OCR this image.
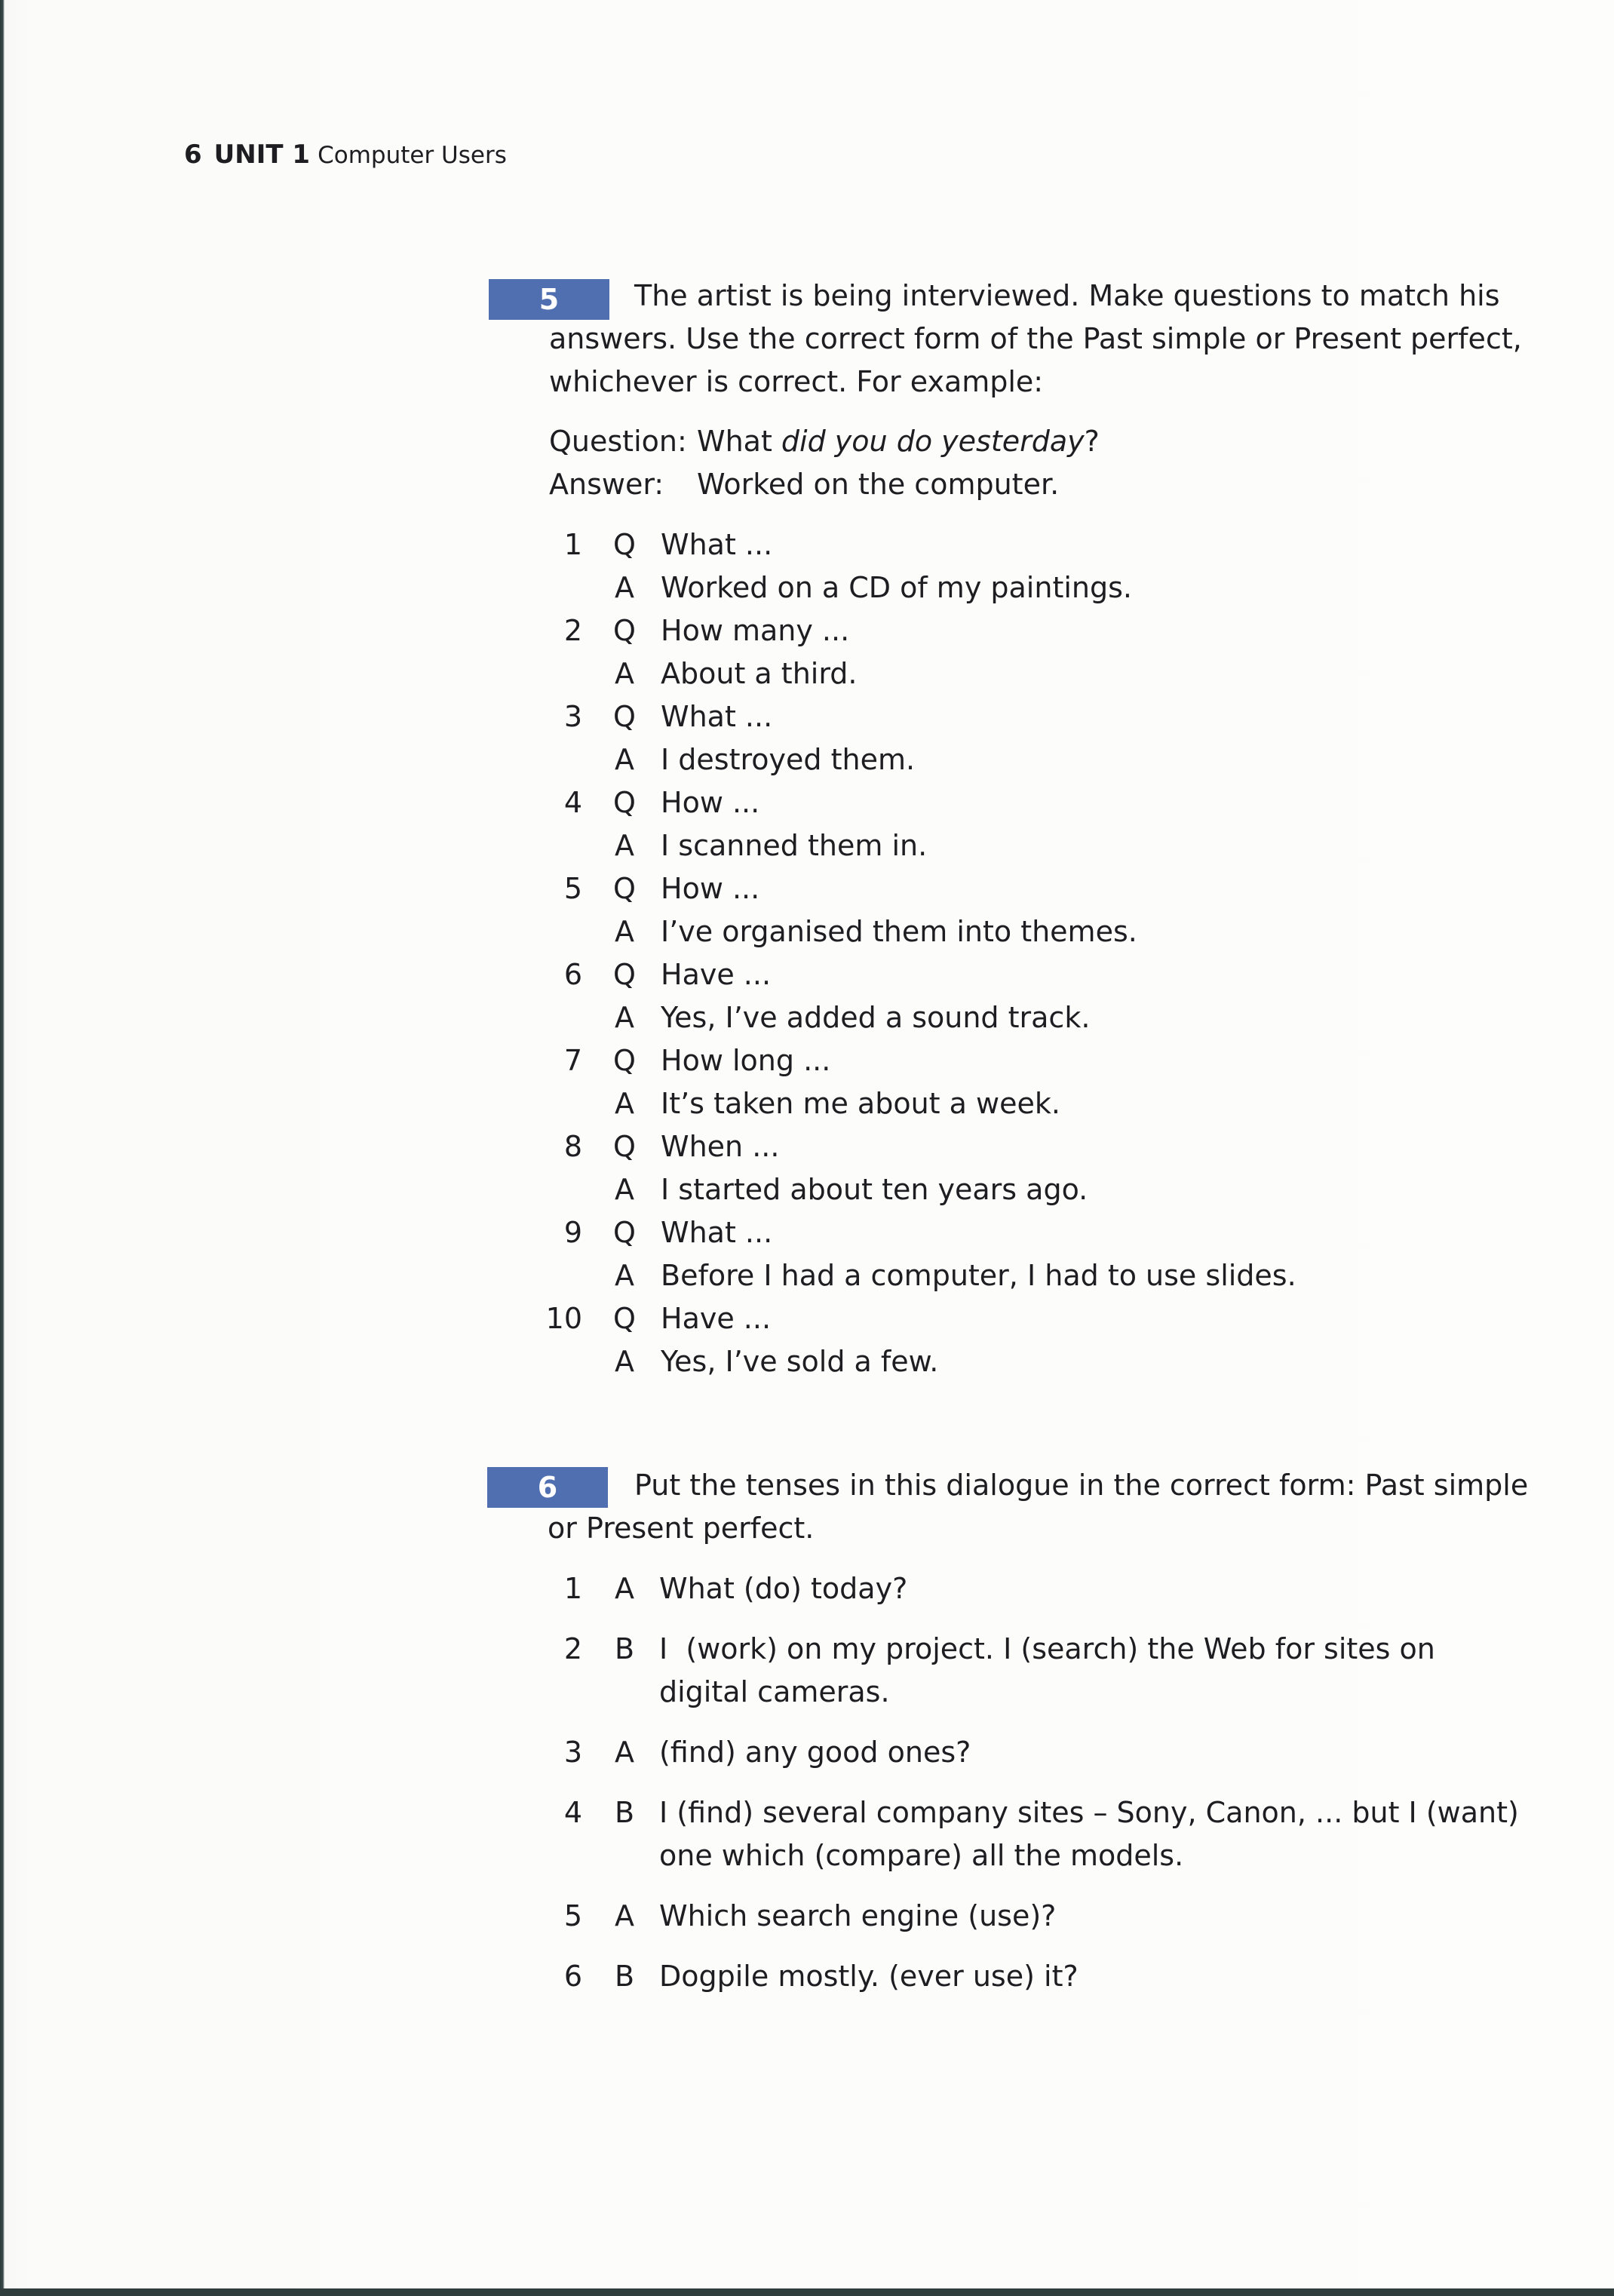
6 UNIT 1 Computer Users
5	The artist is being interviewed. Make questions to match his
answers. Use the correct form of the Past simple or Present perfect,
whichever is correct. For example:
Question: What did you do yesterday?
Answer: Worked on the computer.
1 Q What ...
A Worked on a CD of my paintings.
2 Q How many ...
A About a third.
3 Q What ...
A I destroyed them.
4 Q How ...
A I scanned them in.
5 Q How ...
A I’ve organised them into themes.
6 Q Have ...
A Yes, I’ve added a sound track.
7 Q How long ...
A It’s taken me about a week.
8 Q When ...
A I started about ten years ago.
9 Q What ...
A Before I had a computer, I had to use slides.
10 Q Have ...
A Yes, I’ve sold a few.
6	Put the tenses in this dialogue in the correct form: Past simple
or Present perfect.
1 A What (do) today?
2 B I  (work) on my project. I (search) the Web for sites on
digital cameras.
3 A (find) any good ones?
4 B I (find) several company sites – Sony, Canon, ... but I (want)
one which (compare) all the models.
5 A Which search engine (use)?
6 B Dogpile mostly. (ever use) it?
